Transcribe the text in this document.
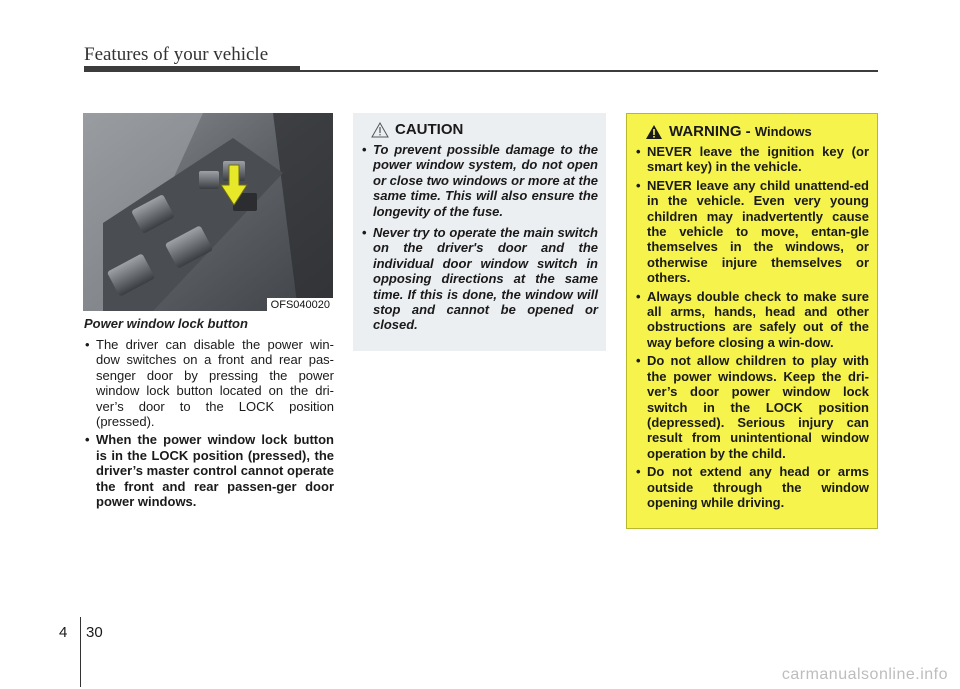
Features of your vehicle
OFS040020
Power window lock button
• The driver can disable the power win-dow switches on a front and rear pas-senger door by pressing the power window lock button located on the dri-ver’s door to the LOCK position (pressed).
• When the power window lock button is in the LOCK position (pressed), the driver’s master control cannot operate the front and rear passen-ger door power windows.
CAUTION
• To prevent possible damage to the power window system, do not open or close two windows or more at the same time. This will also ensure the longevity of the fuse.
• Never try to operate the main switch on the driver's door and the individual door window switch in opposing directions at the same time. If this is done, the window will stop and cannot be opened or closed.
WARNING -
Windows
• NEVER leave the ignition key (or smart key) in the vehicle.
• NEVER leave any child unattend-ed in the vehicle. Even very young children may inadvertently cause the vehicle to move, entan-gle themselves in the windows, or otherwise injure themselves or others.
• Always double check to make sure all arms, hands, head and other obstructions are safely out of the way before closing a win-dow.
• Do not allow children to play with the power windows. Keep the dri-ver’s door power window lock switch in the LOCK position (depressed). Serious injury can result from unintentional window operation by the child.
• Do not extend any head or arms outside through the window opening while driving.
4 30
carmanualsonline.info
